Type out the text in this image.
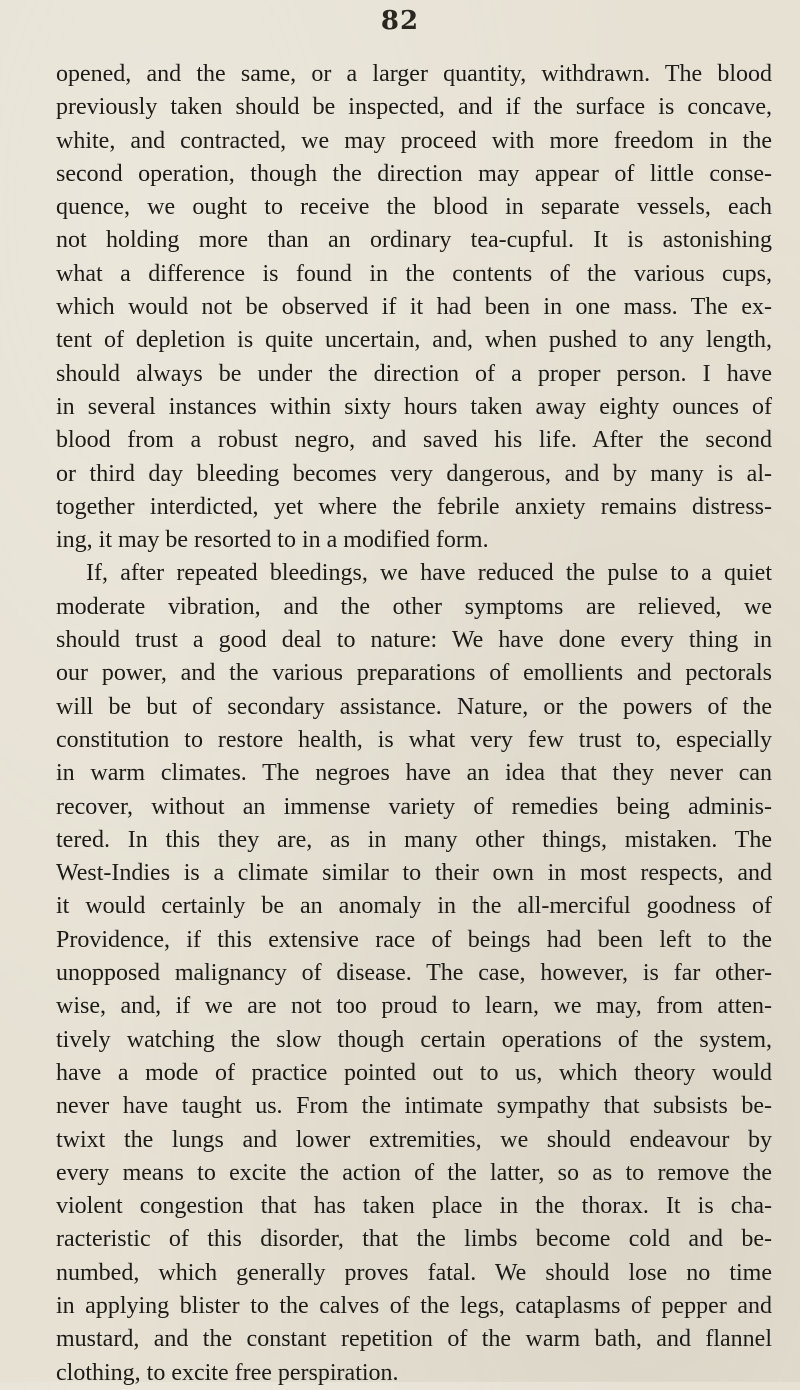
82
opened, and the same, or a larger quantity, withdrawn. The blood
previously taken should be inspected, and if the surface is concave,
white, and contracted, we may proceed with more freedom in the
second operation, though the direction may appear of little conse-
quence, we ought to receive the blood in separate vessels, each
not holding more than an ordinary tea-cupful. It is astonishing
what a difference is found in the contents of the various cups,
which would not be observed if it had been in one mass. The ex-
tent of depletion is quite uncertain, and, when pushed to any length,
should always be under the direction of a proper person. I have
in several instances within sixty hours taken away eighty ounces of
blood from a robust negro, and saved his life. After the second
or third day bleeding becomes very dangerous, and by many is al-
together interdicted, yet where the febrile anxiety remains distress-
ing, it may be resorted to in a modified form.
If, after repeated bleedings, we have reduced the pulse to a quiet
moderate vibration, and the other symptoms are relieved, we
should trust a good deal to nature: We have done every thing in
our power, and the various preparations of emollients and pectorals
will be but of secondary assistance. Nature, or the powers of the
constitution to restore health, is what very few trust to, especially
in warm climates. The negroes have an idea that they never can
recover, without an immense variety of remedies being adminis-
tered. In this they are, as in many other things, mistaken. The
West-Indies is a climate similar to their own in most respects, and
it would certainly be an anomaly in the all-merciful goodness of
Providence, if this extensive race of beings had been left to the
unopposed malignancy of disease. The case, however, is far other-
wise, and, if we are not too proud to learn, we may, from atten-
tively watching the slow though certain operations of the system,
have a mode of practice pointed out to us, which theory would
never have taught us. From the intimate sympathy that subsists be-
twixt the lungs and lower extremities, we should endeavour by
every means to excite the action of the latter, so as to remove the
violent congestion that has taken place in the thorax. It is cha-
racteristic of this disorder, that the limbs become cold and be-
numbed, which generally proves fatal. We should lose no time
in applying blister to the calves of the legs, cataplasms of pepper and
mustard, and the constant repetition of the warm bath, and flannel
clothing, to excite free perspiration.
